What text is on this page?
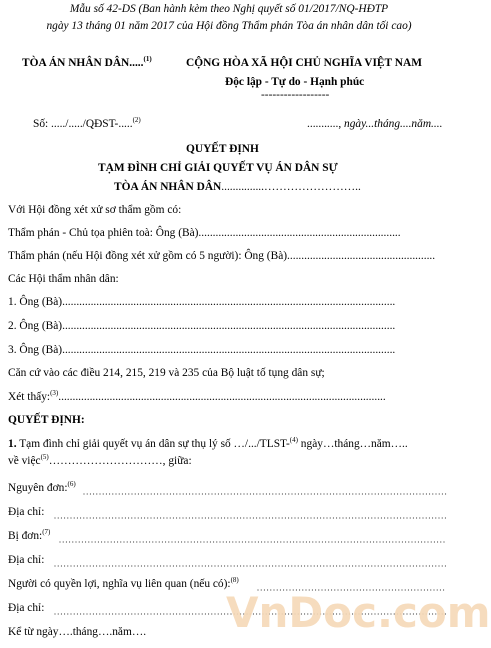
Mẫu số 42-DS (Ban hành kèm theo Nghị quyết số 01/2017/NQ-HĐTP
ngày 13 tháng 01 năm 2017 của Hội đồng Thẩm phán Tòa án nhân dân tối cao)
TÒA ÁN NHÂN DÂN.....$^{(1)}$	CỘNG HÒA XÃ HỘI CHỦ NGHĨA VIỆT NAM
Độc lập - Tự do - Hạnh phúc
------------------
Số: ...../...../QĐST-.....$^{(2)}$	..........., ngày...tháng....năm....
QUYẾT ĐỊNH
TẠM ĐÌNH CHỈ GIẢI QUYẾT VỤ ÁN DÂN SỰ
TÒA ÁN NHÂN DÂN...............……………………..
Với Hội đồng xét xử sơ thẩm gồm có:
Thẩm phán - Chủ tọa phiên toà: Ông (Bà).......................................................................
Thẩm phán (nếu Hội đồng xét xử gồm có 5 người): Ông (Bà)....................................................
Các Hội thẩm nhân dân:
1. Ông (Bà).....................................................................................................................
2. Ông (Bà).....................................................................................................................
3. Ông (Bà).....................................................................................................................
Căn cứ vào các điều 214, 215, 219 và 235 của Bộ luật tố tụng dân sự;
Xét thấy:$^{(3)}$...................................................................................................................
QUYẾT ĐỊNH:
1. Tạm đình chỉ giải quyết vụ án dân sự thụ lý số …/.../TLST-$^{(4)}$ ngày…tháng…năm…..
về việc$^{(5)}$…………………………, giữa:
Nguyên đơn:$^{(6)}$
Địa chỉ:
Bị đơn:$^{(7)}$
Địa chỉ:
Người có quyền lợi, nghĩa vụ liên quan (nếu có):$^{(8)}$
Địa chỉ:
Kể từ ngày….tháng….năm…. VnDoc.com
